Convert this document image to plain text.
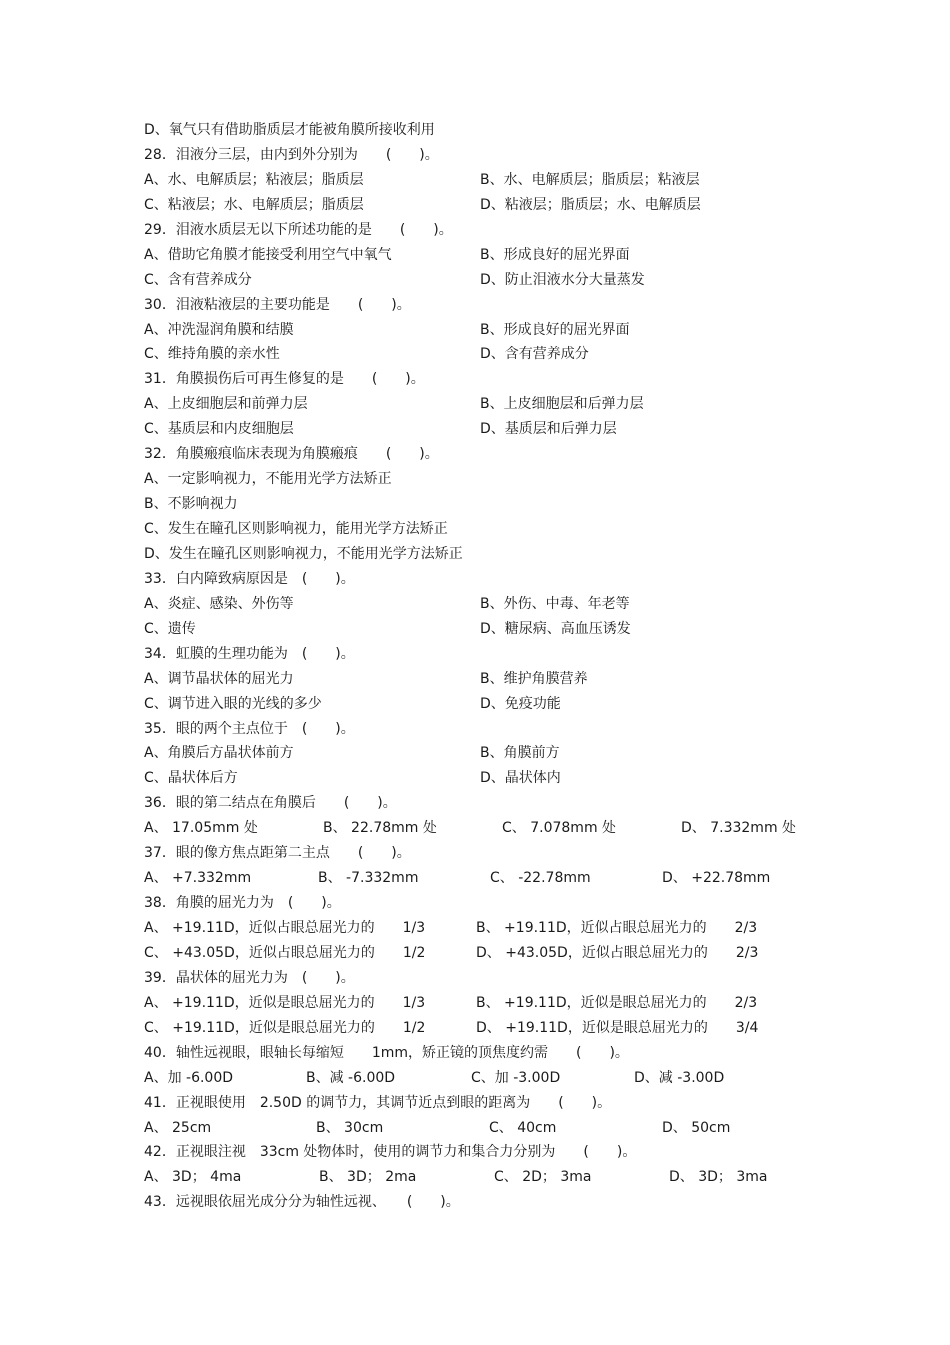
D、氧气只有借助脂质层才能被角膜所接收利用
28．泪液分三层，由内到外分别为　　(　　)。
A、水、电解质层；粘液层；脂质层	B、水、电解质层；脂质层；粘液层
C、粘液层；水、电解质层；脂质层	D、粘液层；脂质层；水、电解质层
29．泪液水质层无以下所述功能的是　　(　　)。
A、借助它角膜才能接受利用空气中氧气	B、形成良好的屈光界面
C、含有营养成分	D、防止泪液水分大量蒸发
30．泪液粘液层的主要功能是　　(　　)。
A、冲洗湿润角膜和结膜	B、形成良好的屈光界面
C、维持角膜的亲水性	D、含有营养成分
31．角膜损伤后可再生修复的是　　(　　)。
A、上皮细胞层和前弹力层	B、上皮细胞层和后弹力层
C、基质层和内皮细胞层	D、基质层和后弹力层
32．角膜瘢痕临床表现为角膜瘢痕　　(　　)。
A、一定影响视力，不能用光学方法矫正
B、不影响视力
C、发生在瞳孔区则影响视力，能用光学方法矫正
D、发生在瞳孔区则影响视力，不能用光学方法矫正
33．白内障致病原因是　(　　)。
A、炎症、感染、外伤等	B、外伤、中毒、年老等
C、遗传	D、糖尿病、高血压诱发
34．虹膜的生理功能为　(　　)。
A、调节晶状体的屈光力	B、维护角膜营养
C、调节进入眼的光线的多少	D、免疫功能
35．眼的两个主点位于　(　　)。
A、角膜后方晶状体前方	B、角膜前方
C、晶状体后方	D、晶状体内
36．眼的第二结点在角膜后　　(　　)。
A、 17.05mm 处	B、 22.78mm 处	C、 7.078mm 处	D、 7.332mm 处
37．眼的像方焦点距第二主点　　(　　)。
A、 +7.332mm	B、 -7.332mm	C、 -22.78mm	D、 +22.78mm
38．角膜的屈光力为　(　　)。
A、 +19.11D，近似占眼总屈光力的　　1/3	B、 +19.11D，近似占眼总屈光力的　　2/3
C、 +43.05D，近似占眼总屈光力的　　1/2	D、 +43.05D，近似占眼总屈光力的　　2/3
39．晶状体的屈光力为　(　　)。
A、 +19.11D，近似是眼总屈光力的　　1/3	B、 +19.11D，近似是眼总屈光力的　　2/3
C、 +19.11D，近似是眼总屈光力的　　1/2	D、 +19.11D，近似是眼总屈光力的　　3/4
40．轴性远视眼，眼轴长每缩短　　1mm，矫正镜的顶焦度约需　　(　　)。
A、加 -6.00D	B、减 -6.00D	C、加 -3.00D	D、减 -3.00D
41．正视眼使用　2.50D 的调节力，其调节近点到眼的距离为　　(　　)。
A、 25cm	B、 30cm	C、 40cm	D、 50cm
42．正视眼注视　33cm 处物体时，使用的调节力和集合力分别为　　(　　)。
A、 3D； 4ma	B、 3D； 2ma	C、 2D； 3ma	D、 3D； 3ma
43．远视眼依屈光成分分为轴性远视、　　(　　)。
